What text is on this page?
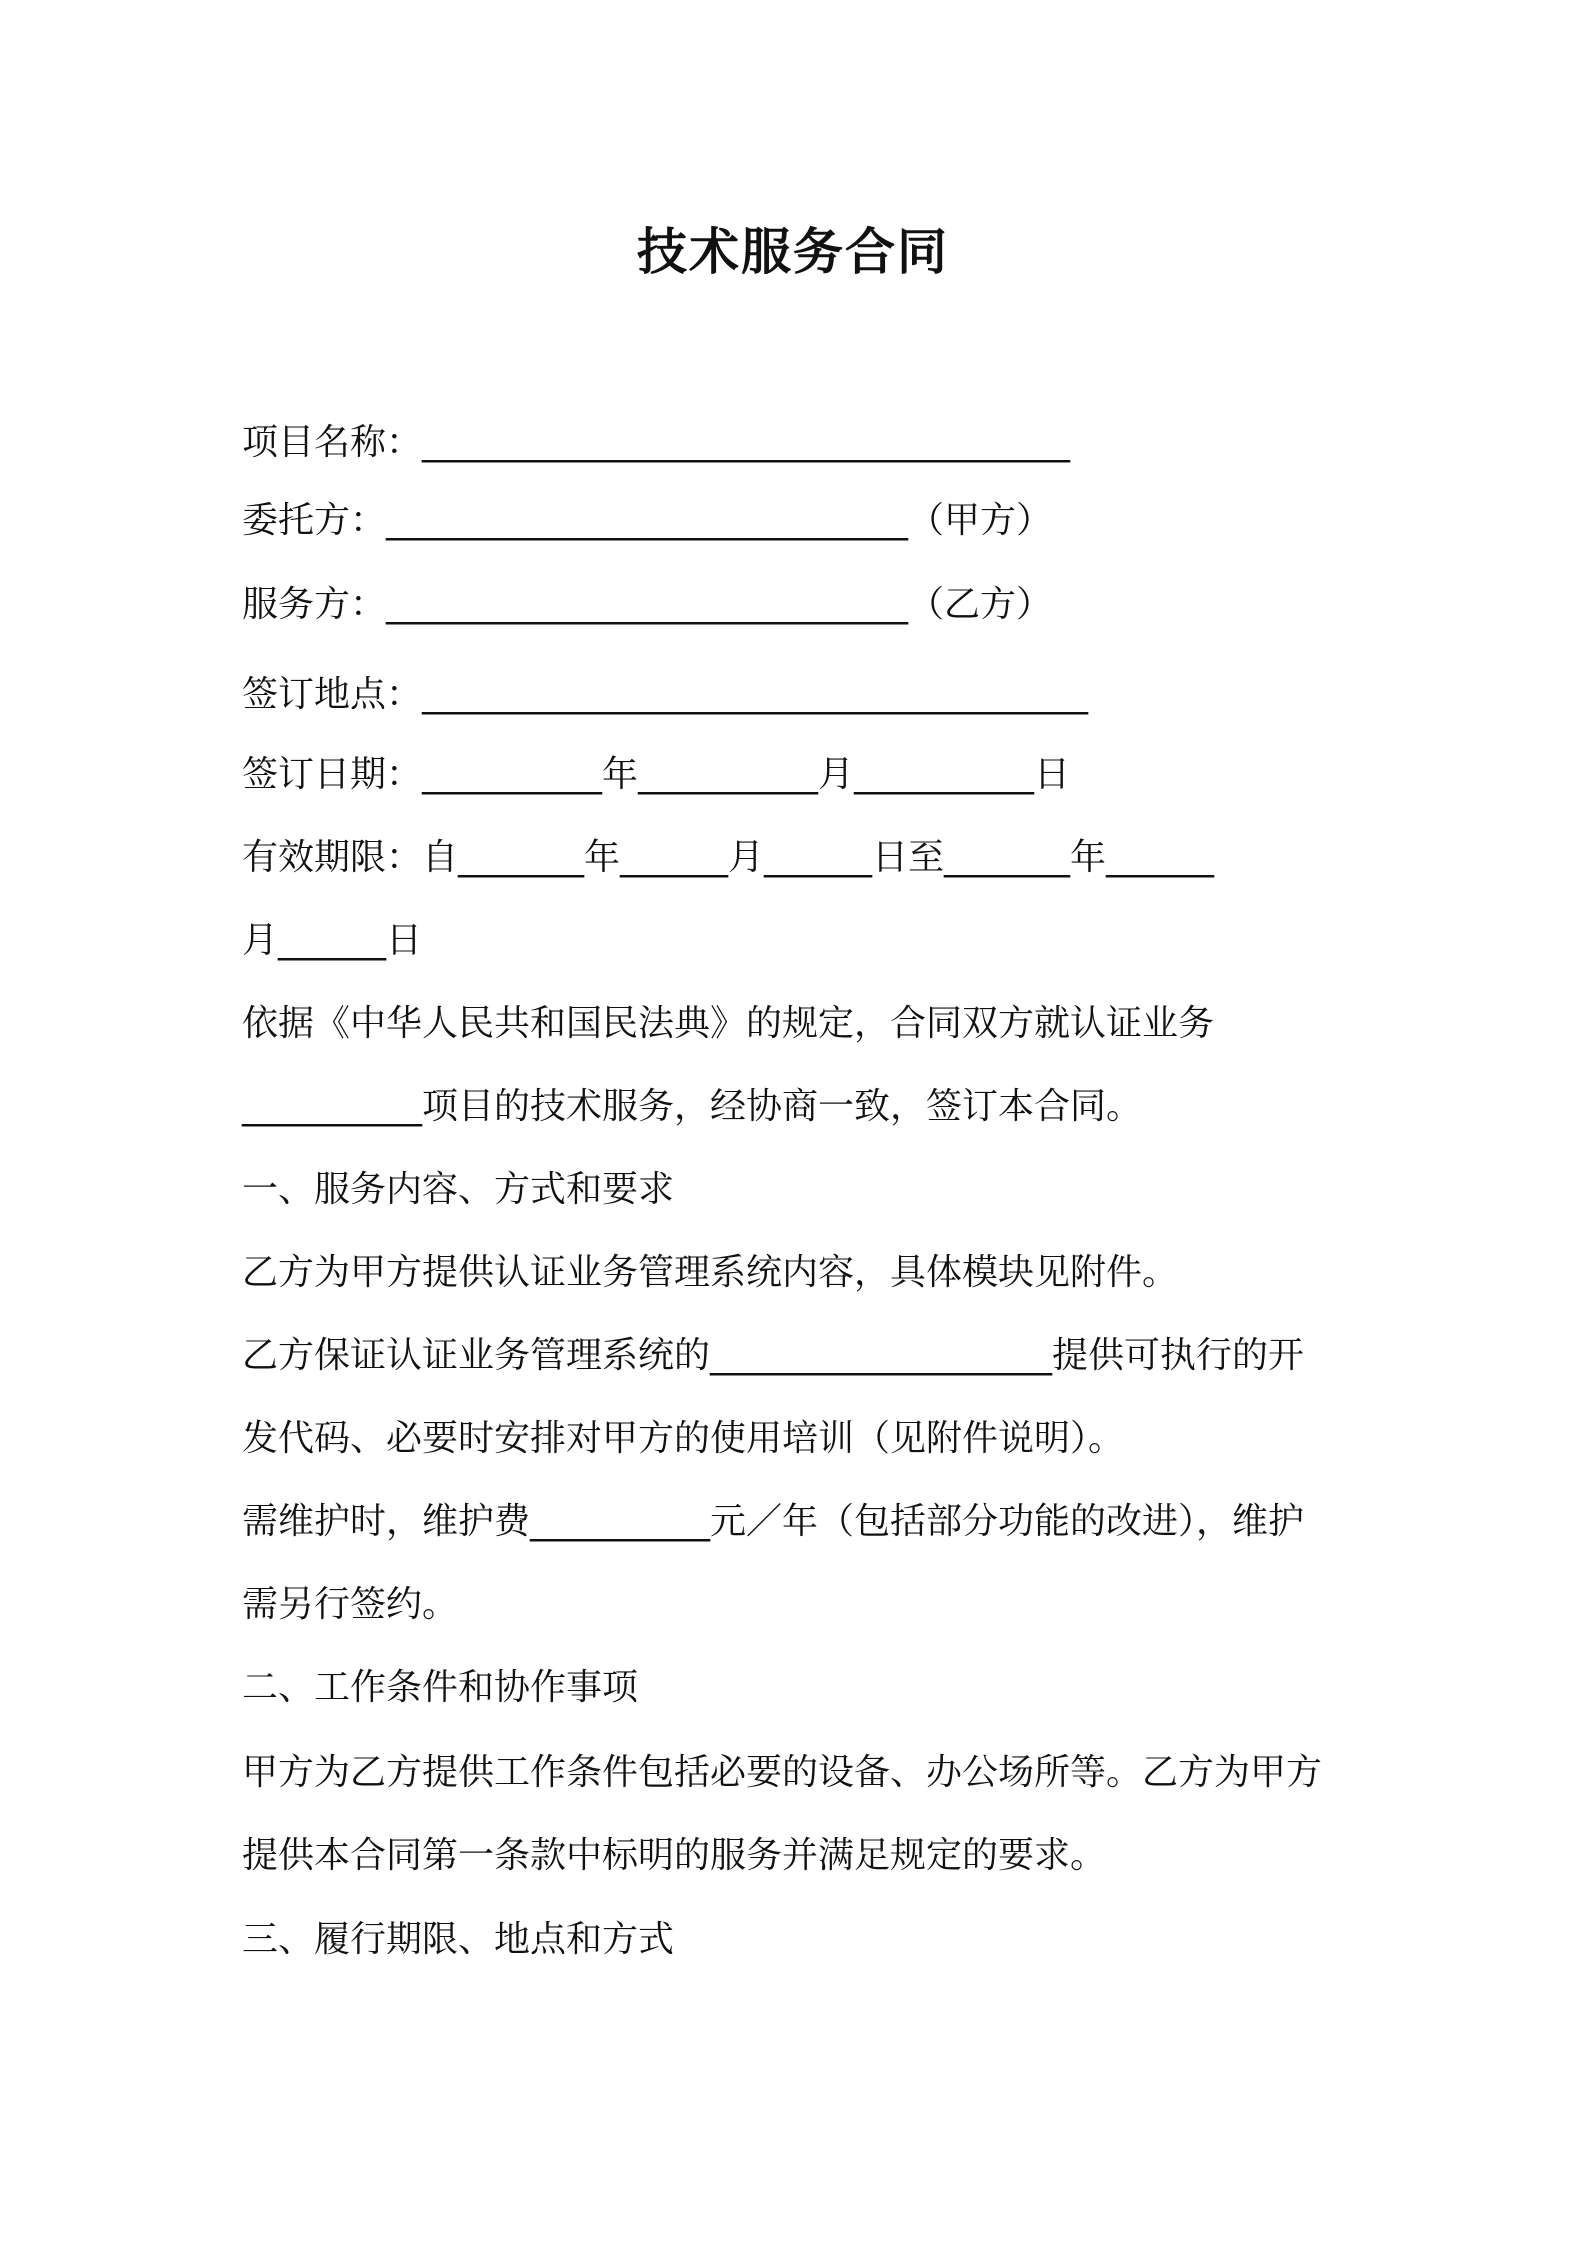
技术服务合同

项目名称：____________________________________

委托方：_____________________________（甲方）

服务方：_____________________________（乙方）

签订地点：_____________________________________

签订日期：__________年__________月__________日

有效期限：自_______年______月______日至_______年______

月______日

依据《中华人民共和国民法典》的规定，合同双方就认证业务

__________项目的技术服务，经协商一致，签订本合同。

一、服务内容、方式和要求

乙方为甲方提供认证业务管理系统内容，具体模块见附件。

乙方保证认证业务管理系统的___________________提供可执行的开

发代码、必要时安排对甲方的使用培训（见附件说明）。

需维护时，维护费__________元／年（包括部分功能的改进），维护

需另行签约。

二、工作条件和协作事项

甲方为乙方提供工作条件包括必要的设备、办公场所等。乙方为甲方

提供本合同第一条款中标明的服务并满足规定的要求。

三、履行期限、地点和方式
